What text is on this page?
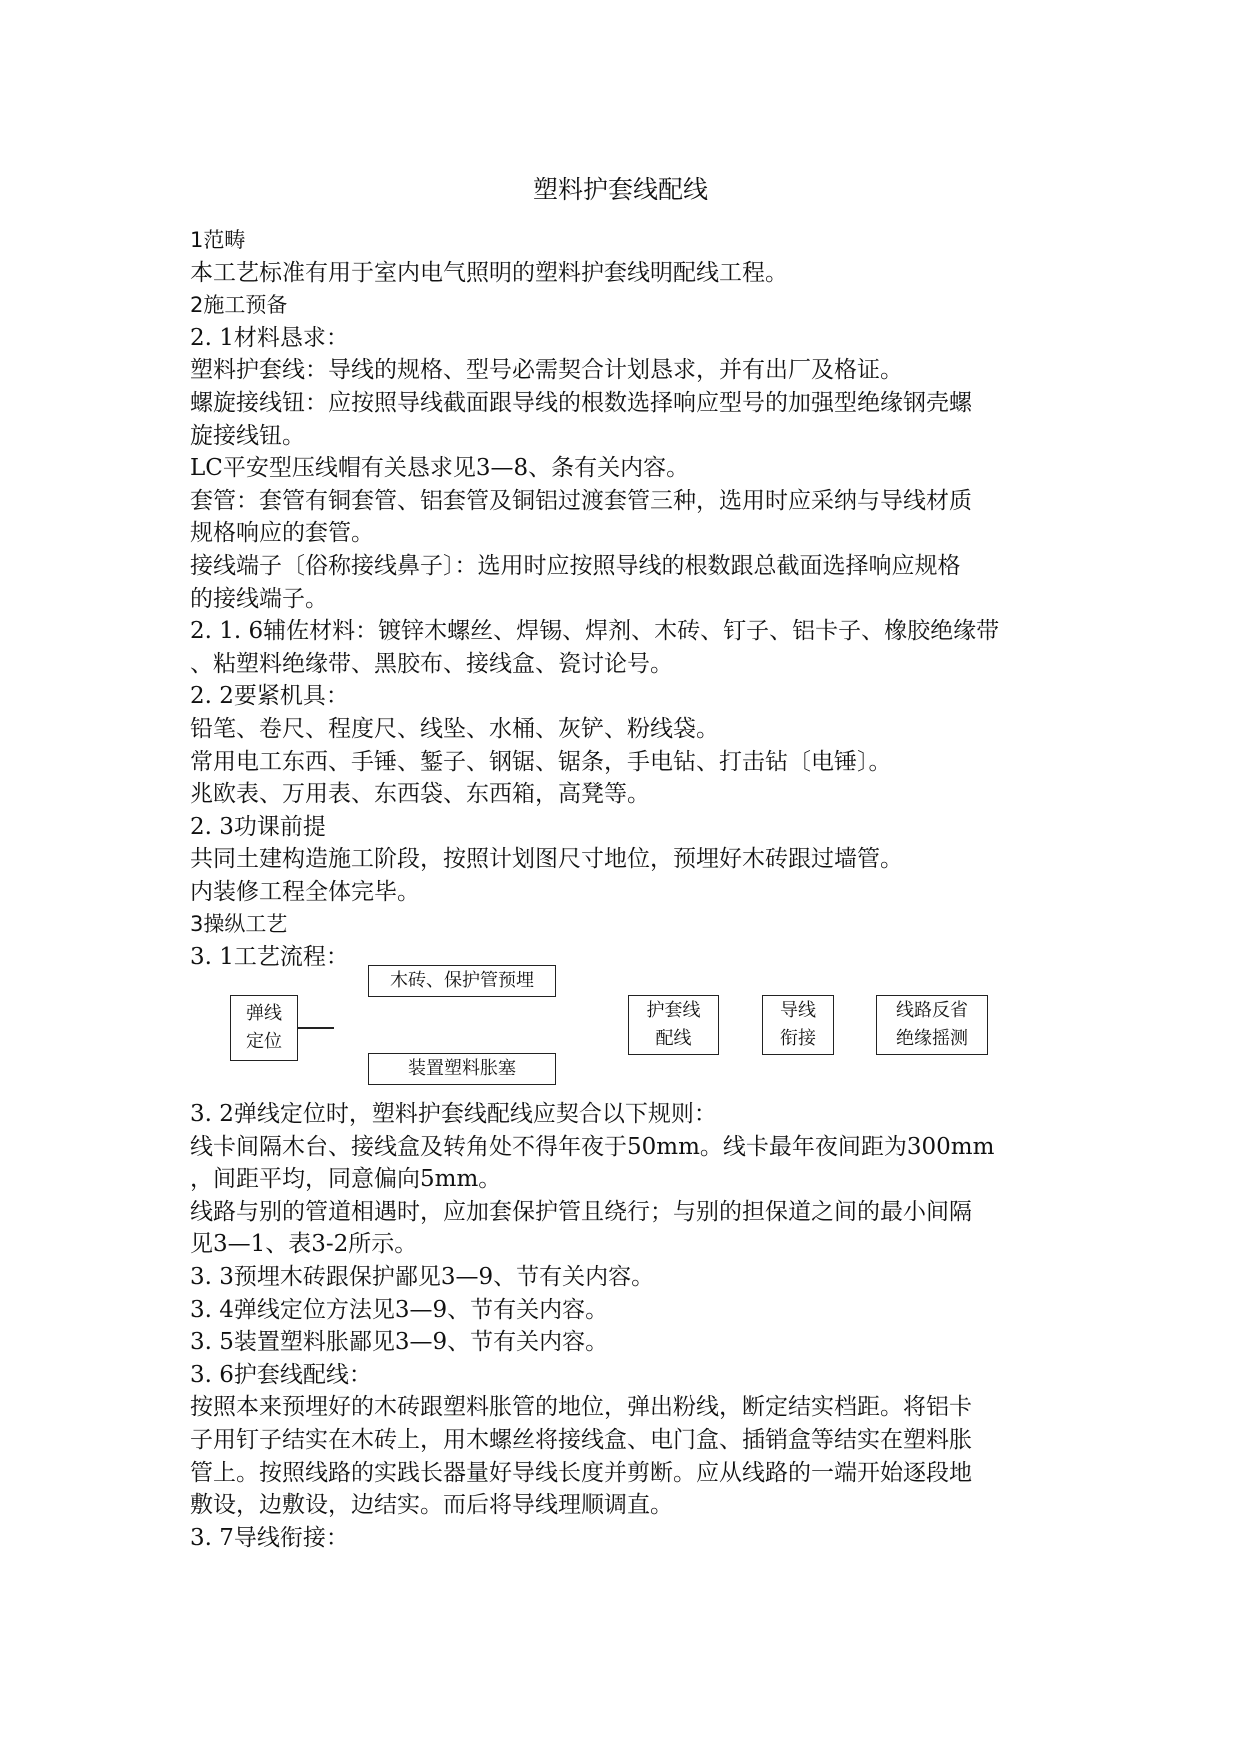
塑料护套线配线
1范畴
本工艺标准有用于室内电气照明的塑料护套线明配线工程。
2施工预备
2. 1材料恳求：
塑料护套线：导线的规格、型号必需契合计划恳求，并有出厂及格证。
螺旋接线钮：应按照导线截面跟导线的根数选择响应型号的加强型绝缘钢壳螺
旋接线钮。
LC平安型压线帽有关恳求见3—8、条有关内容。
套管：套管有铜套管、铝套管及铜铝过渡套管三种，选用时应采纳与导线材质
规格响应的套管。
接线端子〔俗称接线鼻子〕：选用时应按照导线的根数跟总截面选择响应规格
的接线端子。
2. 1. 6辅佐材料：镀锌木螺丝、焊锡、焊剂、木砖、钉子、铝卡子、橡胶绝缘带
、粘塑料绝缘带、黑胶布、接线盒、瓷讨论号。
2. 2要紧机具：
铅笔、卷尺、程度尺、线坠、水桶、灰铲、粉线袋。
常用电工东西、手锤、錾子、钢锯、锯条，手电钻、打击钻〔电锤〕。
兆欧表、万用表、东西袋、东西箱，高凳等。
2. 3功课前提
共同土建构造施工阶段，按照计划图尺寸地位，预埋好木砖跟过墙管。
内装修工程全体完毕。
3操纵工艺
3. 1工艺流程：
弹线
定位
木砖、保护管预埋
装置塑料胀塞
护套线
配线
导线
衔接
线路反省
绝缘摇测
3. 2弹线定位时，塑料护套线配线应契合以下规则：
线卡间隔木台、接线盒及转角处不得年夜于50mm。线卡最年夜间距为300mm
，间距平均，同意偏向5mm。
线路与别的管道相遇时，应加套保护管且绕行；与别的担保道之间的最小间隔
见3—1、表3-2所示。
3. 3预埋木砖跟保护鄙见3—9、节有关内容。
3. 4弹线定位方法见3—9、节有关内容。
3. 5装置塑料胀鄙见3—9、节有关内容。
3. 6护套线配线：
按照本来预埋好的木砖跟塑料胀管的地位，弹出粉线，断定结实档距。将铝卡
子用钉子结实在木砖上，用木螺丝将接线盒、电门盒、插销盒等结实在塑料胀
管上。按照线路的实践长器量好导线长度并剪断。应从线路的一端开始逐段地
敷设，边敷设，边结实。而后将导线理顺调直。
3. 7导线衔接：
